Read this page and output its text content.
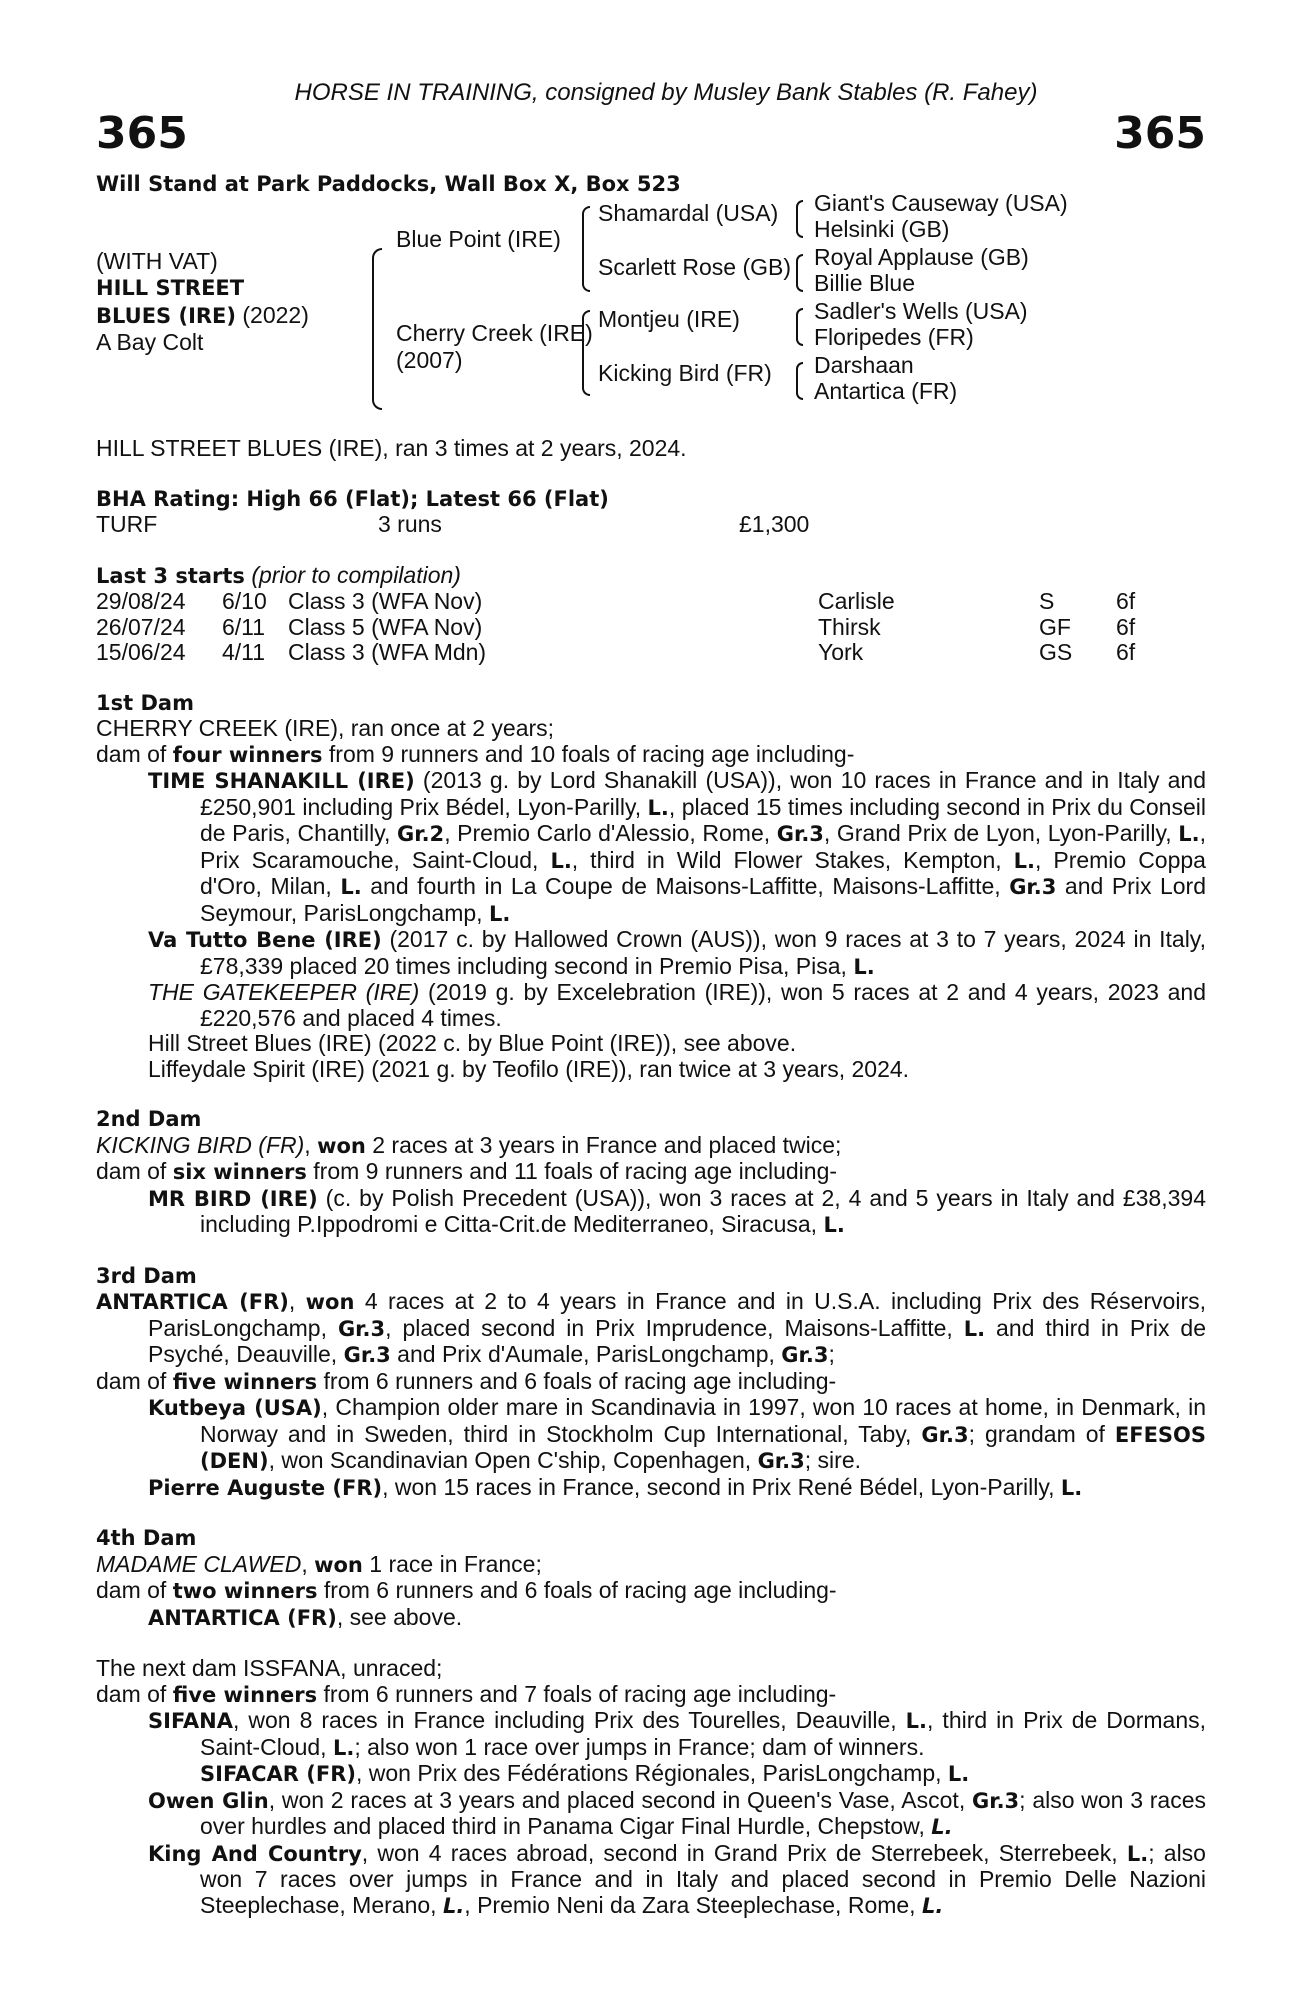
HORSE IN TRAINING, consigned by Musley Bank Stables (R. Fahey)
365	365
Will Stand at Park Paddocks, Wall Box X, Box 523
(WITH VAT)
HILL STREET
BLUES (IRE) (2022)
A Bay Colt
Blue Point (IRE)
Cherry Creek (IRE)
(2007)
Shamardal (USA)
Scarlett Rose (GB)
Montjeu (IRE)
Kicking Bird (FR)
Giant's Causeway (USA)
Helsinki (GB)
Royal Applause (GB)
Billie Blue
Sadler's Wells (USA)
Floripedes (FR)
Darshaan
Antartica (FR)

HILL STREET BLUES (IRE), ran 3 times at 2 years, 2024.

BHA Rating: High 66 (Flat); Latest 66 (Flat)

TURF	3 runs	£1,300

Last 3 starts (prior to compilation)

29/08/24 6/10 Class 3 (WFA Nov)	Carlisle	S	6f
26/07/24 6/11 Class 5 (WFA Nov)	Thirsk	GF 6f
15/06/24 4/11 Class 3 (WFA Mdn)	York	GS 6f

1st Dam

CHERRY CREEK (IRE), ran once at 2 years;

dam of four winners from 9 runners and 10 foals of racing age including-

TIME SHANAKILL (IRE) (2013 g. by Lord Shanakill (USA)), won 10 races in France and in Italy and £250,901 including Prix Bédel, Lyon-Parilly, L., placed 15 times including second in Prix du Conseil de Paris, Chantilly, Gr.2, Premio Carlo d'Alessio, Rome, Gr.3, Grand Prix de Lyon, Lyon-Parilly, L., Prix Scaramouche, Saint-Cloud, L., third in Wild Flower Stakes, Kempton, L., Premio Coppa d'Oro, Milan, L. and fourth in La Coupe de Maisons-Laffitte, Maisons-Laffitte, Gr.3 and Prix Lord Seymour, ParisLongchamp, L.

Va Tutto Bene (IRE) (2017 c. by Hallowed Crown (AUS)), won 9 races at 3 to 7 years, 2024 in Italy, £78,339 placed 20 times including second in Premio Pisa, Pisa, L.

THE GATEKEEPER (IRE) (2019 g. by Excelebration (IRE)), won 5 races at 2 and 4 years, 2023 and £220,576 and placed 4 times.

Hill Street Blues (IRE) (2022 c. by Blue Point (IRE)), see above.

Liffeydale Spirit (IRE) (2021 g. by Teofilo (IRE)), ran twice at 3 years, 2024.

2nd Dam

KICKING BIRD (FR), won 2 races at 3 years in France and placed twice;

dam of six winners from 9 runners and 11 foals of racing age including-

MR BIRD (IRE) (c. by Polish Precedent (USA)), won 3 races at 2, 4 and 5 years in Italy and £38,394 including P.Ippodromi e Citta-Crit.de Mediterraneo, Siracusa, L.

3rd Dam

ANTARTICA (FR), won 4 races at 2 to 4 years in France and in U.S.A. including Prix des Réservoirs, ParisLongchamp, Gr.3, placed second in Prix Imprudence, Maisons-Laffitte, L. and third in Prix de Psyché, Deauville, Gr.3 and Prix d'Aumale, ParisLongchamp, Gr.3;

dam of five winners from 6 runners and 6 foals of racing age including-

Kutbeya (USA), Champion older mare in Scandinavia in 1997, won 10 races at home, in Denmark, in Norway and in Sweden, third in Stockholm Cup International, Taby, Gr.3; grandam of EFESOS (DEN), won Scandinavian Open C'ship, Copenhagen, Gr.3; sire.

Pierre Auguste (FR), won 15 races in France, second in Prix René Bédel, Lyon-Parilly, L.

4th Dam

MADAME CLAWED, won 1 race in France;

dam of two winners from 6 runners and 6 foals of racing age including-

ANTARTICA (FR), see above.

The next dam ISSFANA, unraced;

dam of five winners from 6 runners and 7 foals of racing age including-

SIFANA, won 8 races in France including Prix des Tourelles, Deauville, L., third in Prix de Dormans, Saint-Cloud, L.; also won 1 race over jumps in France; dam of winners.

SIFACAR (FR), won Prix des Fédérations Régionales, ParisLongchamp, L.

Owen Glin, won 2 races at 3 years and placed second in Queen's Vase, Ascot, Gr.3; also won 3 races over hurdles and placed third in Panama Cigar Final Hurdle, Chepstow, L.

King And Country, won 4 races abroad, second in Grand Prix de Sterrebeek, Sterrebeek, L.; also won 7 races over jumps in France and in Italy and placed second in Premio Delle Nazioni Steeplechase, Merano, L., Premio Neni da Zara Steeplechase, Rome, L.
